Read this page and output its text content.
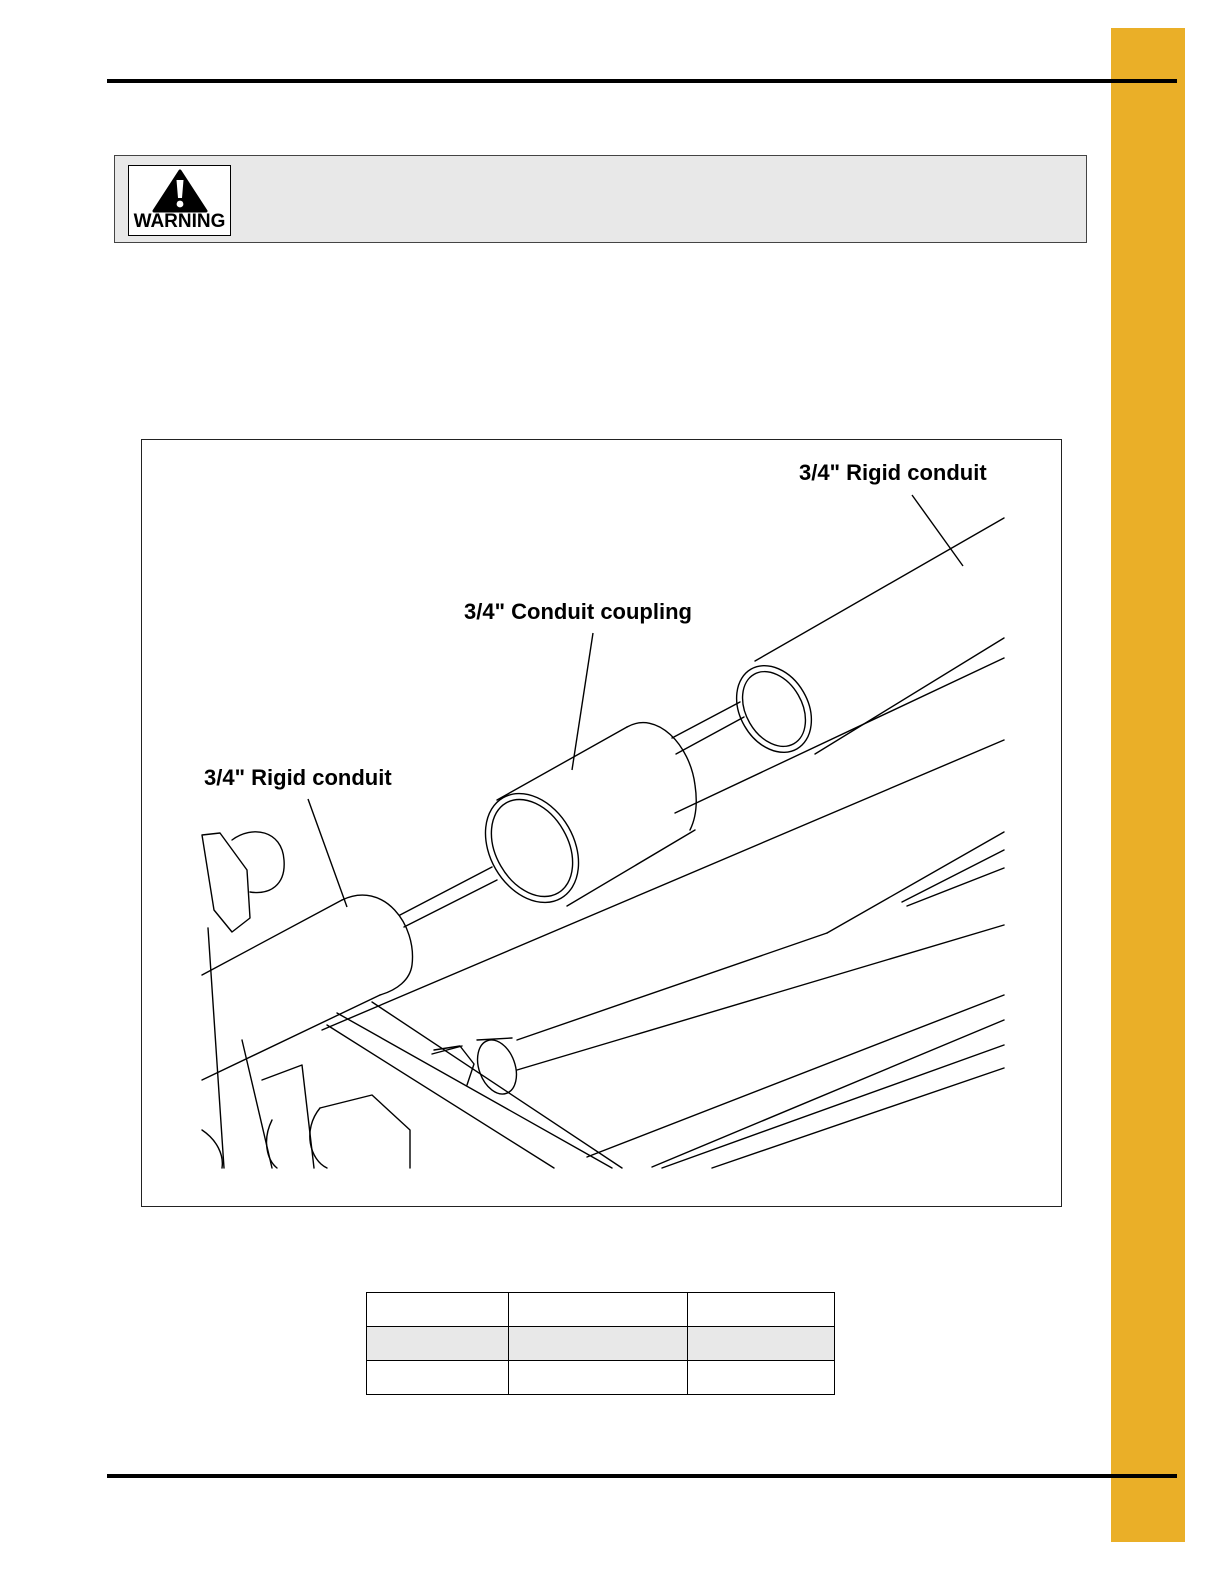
WARNING
3/4" Rigid conduit
3/4" Conduit coupling
3/4" Rigid conduit
